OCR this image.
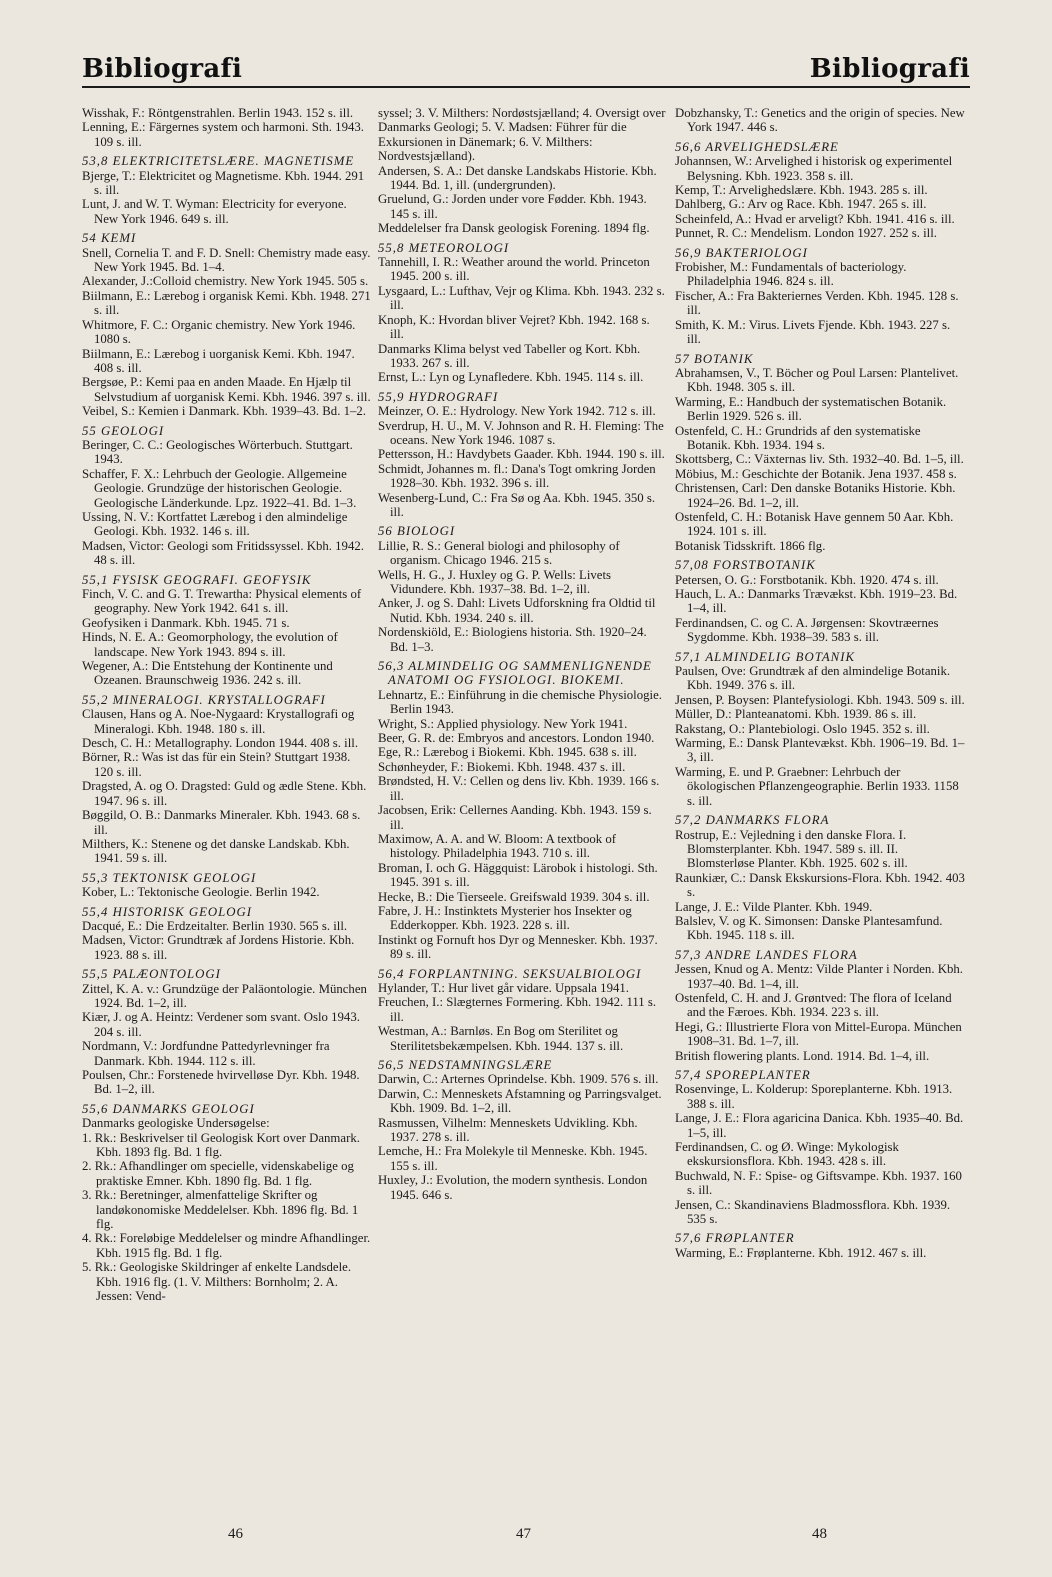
Bibliografi	Bibliografi

Wisshak, F.: Röntgenstrahlen. Berlin 1943. 152 s. ill.

Lenning, E.: Färgernes system och harmoni. Sth. 1943. 109 s. ill.

53,8 ELEKTRICITETSLÆRE. MAGNETISME

Bjerge, T.: Elektricitet og Magnetisme. Kbh. 1944. 291 s. ill.

Lunt, J. and W. T. Wyman: Electricity for everyone. New York 1946. 649 s. ill.

54 KEMI

Snell, Cornelia T. and F. D. Snell: Chemistry made easy. New York 1945. Bd. 1–4.

Alexander, J.:Colloid chemistry. New York 1945. 505 s.

Biilmann, E.: Lærebog i organisk Kemi. Kbh. 1948. 271 s. ill.

Whitmore, F. C.: Organic chemistry. New York 1946. 1080 s.

Biilmann, E.: Lærebog i uorganisk Kemi. Kbh. 1947. 408 s. ill.

Bergsøe, P.: Kemi paa en anden Maade. En Hjælp til Selvstudium af uorganisk Kemi. Kbh. 1946. 397 s. ill.

Veibel, S.: Kemien i Danmark. Kbh. 1939–43. Bd. 1–2.

55 GEOLOGI

Beringer, C. C.: Geologisches Wörterbuch. Stuttgart. 1943.

Schaffer, F. X.: Lehrbuch der Geologie. Allgemeine Geologie. Grundzüge der historischen Geologie. Geologische Länderkunde. Lpz. 1922–41. Bd. 1–3.

Ussing, N. V.: Kortfattet Lærebog i den almindelige Geologi. Kbh. 1932. 146 s. ill.

Madsen, Victor: Geologi som Fritidssyssel. Kbh. 1942. 48 s. ill.

55,1 FYSISK GEOGRAFI. GEOFYSIK

Finch, V. C. and G. T. Trewartha: Physical elements of geography. New York 1942. 641 s. ill.

Geofysiken i Danmark. Kbh. 1945. 71 s.

Hinds, N. E. A.: Geomorphology, the evolution of landscape. New York 1943. 894 s. ill.

Wegener, A.: Die Entstehung der Kontinente und Ozeanen. Braunschweig 1936. 242 s. ill.

55,2 MINERALOGI. KRYSTALLOGRAFI

Clausen, Hans og A. Noe-Nygaard: Krystallografi og Mineralogi. Kbh. 1948. 180 s. ill.

Desch, C. H.: Metallography. London 1944. 408 s. ill.

Börner, R.: Was ist das für ein Stein? Stuttgart 1938. 120 s. ill.

Dragsted, A. og O. Dragsted: Guld og ædle Stene. Kbh. 1947. 96 s. ill.

Bøggild, O. B.: Danmarks Mineraler. Kbh. 1943. 68 s. ill.

Milthers, K.: Stenene og det danske Landskab. Kbh. 1941. 59 s. ill.

55,3 TEKTONISK GEOLOGI

Kober, L.: Tektonische Geologie. Berlin 1942.

55,4 HISTORISK GEOLOGI

Dacqué, E.: Die Erdzeitalter. Berlin 1930. 565 s. ill.

Madsen, Victor: Grundtræk af Jordens Historie. Kbh. 1923. 88 s. ill.

55,5 PALÆONTOLOGI

Zittel, K. A. v.: Grundzüge der Paläontologie. München 1924. Bd. 1–2, ill.

Kiær, J. og A. Heintz: Verdener som svant. Oslo 1943. 204 s. ill.

Nordmann, V.: Jordfundne Pattedyrlevninger fra Danmark. Kbh. 1944. 112 s. ill.

Poulsen, Chr.: Forstenede hvirvelløse Dyr. Kbh. 1948. Bd. 1–2, ill.

55,6 DANMARKS GEOLOGI

Danmarks geologiske Undersøgelse:

1. Rk.: Beskrivelser til Geologisk Kort over Danmark. Kbh. 1893 flg. Bd. 1 flg.

2. Rk.: Afhandlinger om specielle, videnskabelige og praktiske Emner. Kbh. 1890 flg. Bd. 1 flg.

3. Rk.: Beretninger, almenfattelige Skrifter og landøkonomiske Meddelelser. Kbh. 1896 flg. Bd. 1 flg.

4. Rk.: Foreløbige Meddelelser og mindre Afhandlinger. Kbh. 1915 flg. Bd. 1 flg.

5. Rk.: Geologiske Skildringer af enkelte Landsdele. Kbh. 1916 flg. (1. V. Milthers: Bornholm; 2. A. Jessen: Vend-

syssel; 3. V. Milthers: Nordøstsjælland; 4. Oversigt over Danmarks Geologi; 5. V. Madsen: Führer für die Exkursionen in Dänemark; 6. V. Milthers: Nordvestsjælland).

Andersen, S. A.: Det danske Landskabs Historie. Kbh. 1944. Bd. 1, ill. (undergrunden).

Gruelund, G.: Jorden under vore Fødder. Kbh. 1943. 145 s. ill.

Meddelelser fra Dansk geologisk Forening. 1894 flg.

55,8 METEOROLOGI

Tannehill, I. R.: Weather around the world. Princeton 1945. 200 s. ill.

Lysgaard, L.: Lufthav, Vejr og Klima. Kbh. 1943. 232 s. ill.

Knoph, K.: Hvordan bliver Vejret? Kbh. 1942. 168 s. ill.

Danmarks Klima belyst ved Tabeller og Kort. Kbh. 1933. 267 s. ill.

Ernst, L.: Lyn og Lynafledere. Kbh. 1945. 114 s. ill.

55,9 HYDROGRAFI

Meinzer, O. E.: Hydrology. New York 1942. 712 s. ill.

Sverdrup, H. U., M. V. Johnson and R. H. Fleming: The oceans. New York 1946. 1087 s.

Pettersson, H.: Havdybets Gaader. Kbh. 1944. 190 s. ill.

Schmidt, Johannes m. fl.: Dana's Togt omkring Jorden 1928–30. Kbh. 1932. 396 s. ill.

Wesenberg-Lund, C.: Fra Sø og Aa. Kbh. 1945. 350 s. ill.

56 BIOLOGI

Lillie, R. S.: General biologi and philosophy of organism. Chicago 1946. 215 s.

Wells, H. G., J. Huxley og G. P. Wells: Livets Vidundere. Kbh. 1937–38. Bd. 1–2, ill.

Anker, J. og S. Dahl: Livets Udforskning fra Oldtid til Nutid. Kbh. 1934. 240 s. ill.

Nordenskiöld, E.: Biologiens historia. Sth. 1920–24. Bd. 1–3.

56,3 ALMINDELIG OG SAMMENLIGNENDE ANATOMI OG FYSIOLOGI. BIOKEMI.

Lehnartz, E.: Einführung in die chemische Physiologie. Berlin 1943.

Wright, S.: Applied physiology. New York 1941.

Beer, G. R. de: Embryos and ancestors. London 1940.

Ege, R.: Lærebog i Biokemi. Kbh. 1945. 638 s. ill.

Schønheyder, F.: Biokemi. Kbh. 1948. 437 s. ill.

Brøndsted, H. V.: Cellen og dens liv. Kbh. 1939. 166 s. ill.

Jacobsen, Erik: Cellernes Aanding. Kbh. 1943. 159 s. ill.

Maximow, A. A. and W. Bloom: A textbook of histology. Philadelphia 1943. 710 s. ill.

Broman, I. och G. Häggquist: Lärobok i histologi. Sth. 1945. 391 s. ill.

Hecke, B.: Die Tierseele. Greifswald 1939. 304 s. ill.

Fabre, J. H.: Instinktets Mysterier hos Insekter og Edderkopper. Kbh. 1923. 228 s. ill.

Instinkt og Fornuft hos Dyr og Mennesker. Kbh. 1937. 89 s. ill.

56,4 FORPLANTNING. SEKSUALBIOLOGI

Hylander, T.: Hur livet går vidare. Uppsala 1941.

Freuchen, I.: Slægternes Formering. Kbh. 1942. 111 s. ill.

Westman, A.: Barnløs. En Bog om Sterilitet og Sterilitetsbekæmpelsen. Kbh. 1944. 137 s. ill.

56,5 NEDSTAMNINGSLÆRE

Darwin, C.: Arternes Oprindelse. Kbh. 1909. 576 s. ill.

Darwin, C.: Menneskets Afstamning og Parringsvalget. Kbh. 1909. Bd. 1–2, ill.

Rasmussen, Vilhelm: Menneskets Udvikling. Kbh. 1937. 278 s. ill.

Lemche, H.: Fra Molekyle til Menneske. Kbh. 1945. 155 s. ill.

Huxley, J.: Evolution, the modern synthesis. London 1945. 646 s.

Dobzhansky, T.: Genetics and the origin of species. New York 1947. 446 s.

56,6 ARVELIGHEDSLÆRE

Johannsen, W.: Arvelighed i historisk og experimentel Belysning. Kbh. 1923. 358 s. ill.

Kemp, T.: Arvelighedslære. Kbh. 1943. 285 s. ill.

Dahlberg, G.: Arv og Race. Kbh. 1947. 265 s. ill.

Scheinfeld, A.: Hvad er arveligt? Kbh. 1941. 416 s. ill.

Punnet, R. C.: Mendelism. London 1927. 252 s. ill.

56,9 BAKTERIOLOGI

Frobisher, M.: Fundamentals of bacteriology. Philadelphia 1946. 824 s. ill.

Fischer, A.: Fra Bakteriernes Verden. Kbh. 1945. 128 s. ill.

Smith, K. M.: Virus. Livets Fjende. Kbh. 1943. 227 s. ill.

57 BOTANIK

Abrahamsen, V., T. Böcher og Poul Larsen: Plantelivet. Kbh. 1948. 305 s. ill.

Warming, E.: Handbuch der systematischen Botanik. Berlin 1929. 526 s. ill.

Ostenfeld, C. H.: Grundrids af den systematiske Botanik. Kbh. 1934. 194 s.

Skottsberg, C.: Växternas liv. Sth. 1932–40. Bd. 1–5, ill.

Möbius, M.: Geschichte der Botanik. Jena 1937. 458 s.

Christensen, Carl: Den danske Botaniks Historie. Kbh. 1924–26. Bd. 1–2, ill.

Ostenfeld, C. H.: Botanisk Have gennem 50 Aar. Kbh. 1924. 101 s. ill.

Botanisk Tidsskrift. 1866 flg.

57,08 FORSTBOTANIK

Petersen, O. G.: Forstbotanik. Kbh. 1920. 474 s. ill.

Hauch, L. A.: Danmarks Trævækst. Kbh. 1919–23. Bd. 1–4, ill.

Ferdinandsen, C. og C. A. Jørgensen: Skovtræernes Sygdomme. Kbh. 1938–39. 583 s. ill.

57,1 ALMINDELIG BOTANIK

Paulsen, Ove: Grundtræk af den almindelige Botanik. Kbh. 1949. 376 s. ill.

Jensen, P. Boysen: Plantefysiologi. Kbh. 1943. 509 s. ill.

Müller, D.: Planteanatomi. Kbh. 1939. 86 s. ill.

Rakstang, O.: Plantebiologi. Oslo 1945. 352 s. ill.

Warming, E.: Dansk Plantevækst. Kbh. 1906–19. Bd. 1–3, ill.

Warming, E. und P. Graebner: Lehrbuch der ökologischen Pflanzengeographie. Berlin 1933. 1158 s. ill.

57,2 DANMARKS FLORA

Rostrup, E.: Vejledning i den danske Flora. I. Blomsterplanter. Kbh. 1947. 589 s. ill. II. Blomsterløse Planter. Kbh. 1925. 602 s. ill.

Raunkiær, C.: Dansk Ekskursions-Flora. Kbh. 1942. 403 s.

Lange, J. E.: Vilde Planter. Kbh. 1949.

Balslev, V. og K. Simonsen: Danske Plantesamfund. Kbh. 1945. 118 s. ill.

57,3 ANDRE LANDES FLORA

Jessen, Knud og A. Mentz: Vilde Planter i Norden. Kbh. 1937–40. Bd. 1–4, ill.

Ostenfeld, C. H. and J. Grøntved: The flora of Iceland and the Færoes. Kbh. 1934. 223 s. ill.

Hegi, G.: Illustrierte Flora von Mittel-Europa. München 1908–31. Bd. 1–7, ill.

British flowering plants. Lond. 1914. Bd. 1–4, ill.

57,4 SPOREPLANTER

Rosenvinge, L. Kolderup: Sporeplanterne. Kbh. 1913. 388 s. ill.

Lange, J. E.: Flora agaricina Danica. Kbh. 1935–40. Bd. 1–5, ill.

Ferdinandsen, C. og Ø. Winge: Mykologisk ekskursionsflora. Kbh. 1943. 428 s. ill.

Buchwald, N. F.: Spise- og Giftsvampe. Kbh. 1937. 160 s. ill.

Jensen, C.: Skandinaviens Bladmossflora. Kbh. 1939. 535 s.

57,6 FRØPLANTER

Warming, E.: Frøplanterne. Kbh. 1912. 467 s. ill.

46	47	48
